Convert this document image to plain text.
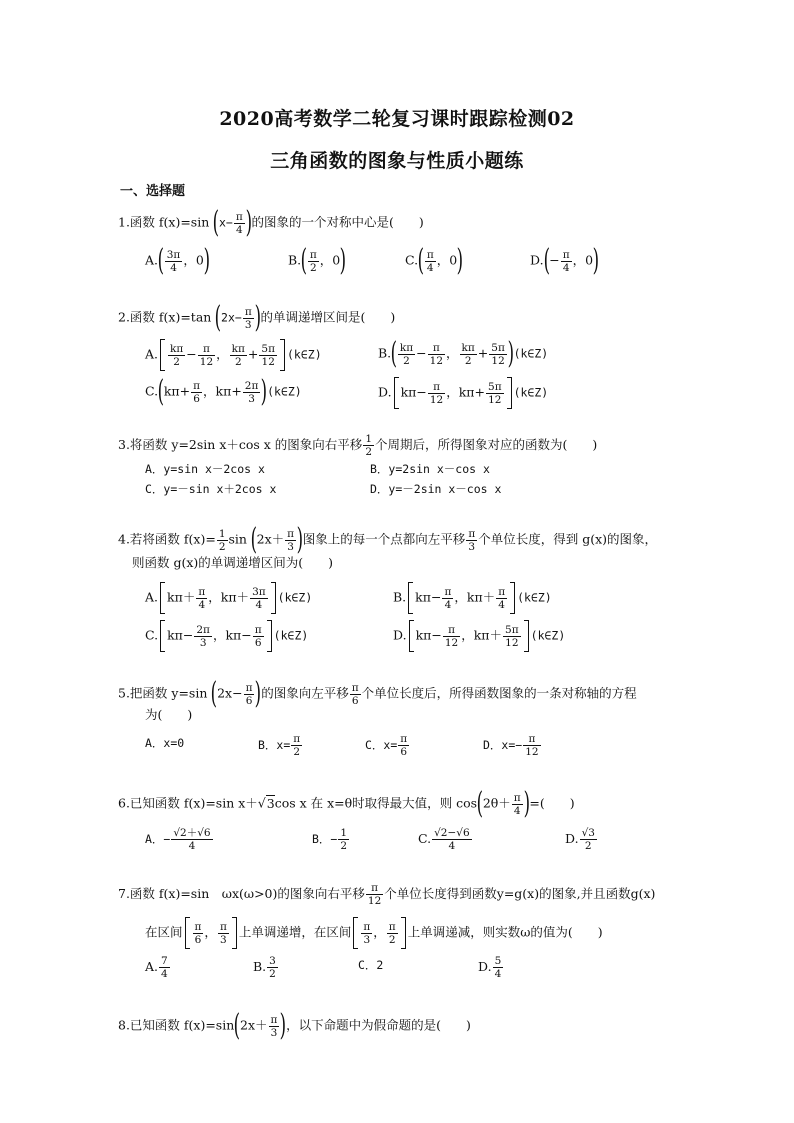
2020高考数学二轮复习课时跟踪检测02
三角函数的图象与性质小题练
一、选择题
1.函数 f(x)=sin ($x- \frac{\pi}{4}$ )的图象的一个对称中心是(　　)
$A.( \frac{3\pi}{4}$ ，0)	$B.( \frac{\pi}{2}$ ，0)	$C.( \frac{\pi}{4}$ ，0)	$D.(- \frac{\pi}{4}$ ，0)
2.函数 f(x)=tan ($2x- \frac{\pi}{3}$ )的单调递增区间是(　　)
A. $\frac{k\pi}{2} - \frac{\pi}{12}$ ， $\frac{k\pi}{2} + \frac{5\pi}{12}$ (k∈Z)	$B.( \frac{k\pi}{2} - \frac{\pi}{12}$ ， $\frac{k\pi}{2} + \frac{5\pi}{12}$ )(k∈Z)
$C.(k\pi+ \frac{\pi}{6}$ ，$k\pi+ \frac{2\pi}{3}$ )(k∈Z)	D. $k\pi- \frac{\pi}{12}$ ，$k\pi+ \frac{5\pi}{12}$ (k∈Z)
3.将函数 y=2sin x＋cos x 的图象向右平移 $\frac{1}{2}$ 个周期后，所得图象对应的函数为(　　)
A．y=sin x－2cos x	B．y=2sin x－cos x
C．y=－sin x＋2cos x	D．y=－2sin x－cos x
4.若将函数 $f(x)= \frac{1}{2}$ $\sin (2x+ \frac{\pi}{3}$ )图象上的每一个点都向左平移 $\frac{\pi}{3}$ 个单位长度，得到 g(x)的图象，
则函数 g(x)的单调递增区间为(　　)
A. $k\pi+ \frac{\pi}{4}$ ，$k\pi+ \frac{3\pi}{4}$ (k∈Z)	B. $k\pi- \frac{\pi}{4}$ ，$k\pi+ \frac{\pi}{4}$ (k∈Z)
C. $k\pi- \frac{2\pi}{3}$ ，$k\pi- \frac{\pi}{6}$ (k∈Z)	D. $k\pi- \frac{\pi}{12}$ ，$k\pi+ \frac{5\pi}{12}$ (k∈Z)
5.把函数 y=sin ($2x- \frac{\pi}{6}$ )的图象向左平移 $\frac{\pi}{6}$ 个单位长度后，所得函数图象的一条对称轴的方程
为(　　)
A．x=0	B．$x= \frac{\pi}{2}$	C．$x= \frac{\pi}{6}$	D．$x=- \frac{\pi}{12}$
6.已知函数 f(x)=sin x＋√3cos x 在 x=θ时取得最大值，则 $\cos(2\theta+ \frac{\pi}{4}$ )=(　　)
A．− $\frac{√2+√6}{4}$	B．− $\frac{1}{2}$	C. $\frac{√2-√6}{4}$	D. $\frac{√3}{2}$
7.函数 f(x)=sin　ωx(ω>0)的图象向右平移 $\frac{\pi}{12}$ 个单位长度得到函数y=g(x)的图象,并且函数g(x)
在区间 $\frac{\pi}{6}$ ， $\frac{\pi}{3}$ 上单调递增，在区间 $\frac{\pi}{3}$ ， $\frac{\pi}{2}$ 上单调递减，则实数ω的值为(　　)
A. $\frac{7}{4}$	B. $\frac{3}{2}$	C．2	D. $\frac{5}{4}$
8.已知函数 $f(x)=\sin(2x+ \frac{\pi}{3}$ )，以下命题中为假命题的是(　　)
